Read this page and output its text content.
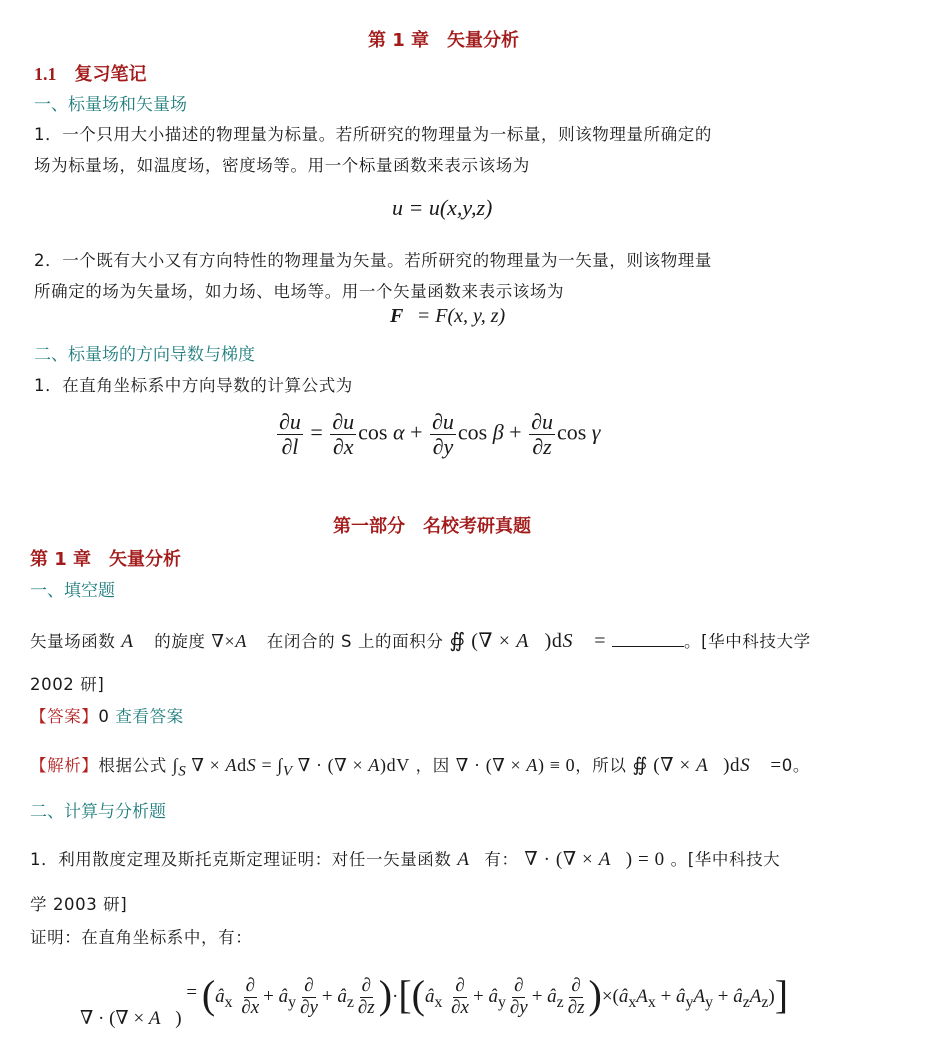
第 1 章　矢量分析
1.1　复习笔记
一、标量场和矢量场
1．一个只用大小描述的物理量为标量。若所研究的物理量为一标量，则该物理量所确定的
场为标量场，如温度场，密度场等。用一个标量函数来表示该场为
u = u(x,y,z)
2．一个既有大小又有方向特性的物理量为矢量。若所研究的物理量为一矢量，则该物理量
所确定的场为矢量场，如力场、电场等。用一个矢量函数来表示该场为
F = F(x, y, z)
二、标量场的方向导数与梯度
1．在直角坐标系中方向导数的计算公式为
$\frac{\partial u}{\partial l} = \frac{\partial u}{\partial x}$ $\cos \alpha + \frac{\partial u}{\partial y}$ $\cos \beta + \frac{\partial u}{\partial z}$ cos γ
第一部分　名校考研真题
第 1 章　矢量分析
一、填空题
矢量场函数 A⃗ 的旋度 ∇×A⃗ 在闭合的 S 上的面积分 ∯ (∇ × A⃗)dS⃗ =	。[华中科技大学
2002 研]
【答案】0 查看答案
【解析】根据公式 $\int_S$ ∇ × AdS = $\int_V$ ∇ · (∇ × A)dV ，因 ∇ · (∇ × A) ≡ 0，所以 ∯ (∇ × A⃗)dS⃗ =0。
二、计算与分析题
1．利用散度定理及斯托克斯定理证明：对任一矢量函数 A⃗有： ∇ · (∇ × A⃗) = 0 。[华中科技大
学 2003 研]
证明：在直角坐标系中，有：
∇ · (∇ × A⃗) = ($â_x \frac{\partial}{\partial x}$ + $â_y \frac{\partial}{\partial y}$ + $â_z \frac{\partial}{\partial z}$ )$\cdot[(â_x \frac{\partial}{\partial x}$ + $â_y \frac{\partial}{\partial y}$ + $â_z \frac{\partial}{\partial z}$ )$\times(â_xA_x$ + $â_yA_y$ + $â_zA_z$)]
